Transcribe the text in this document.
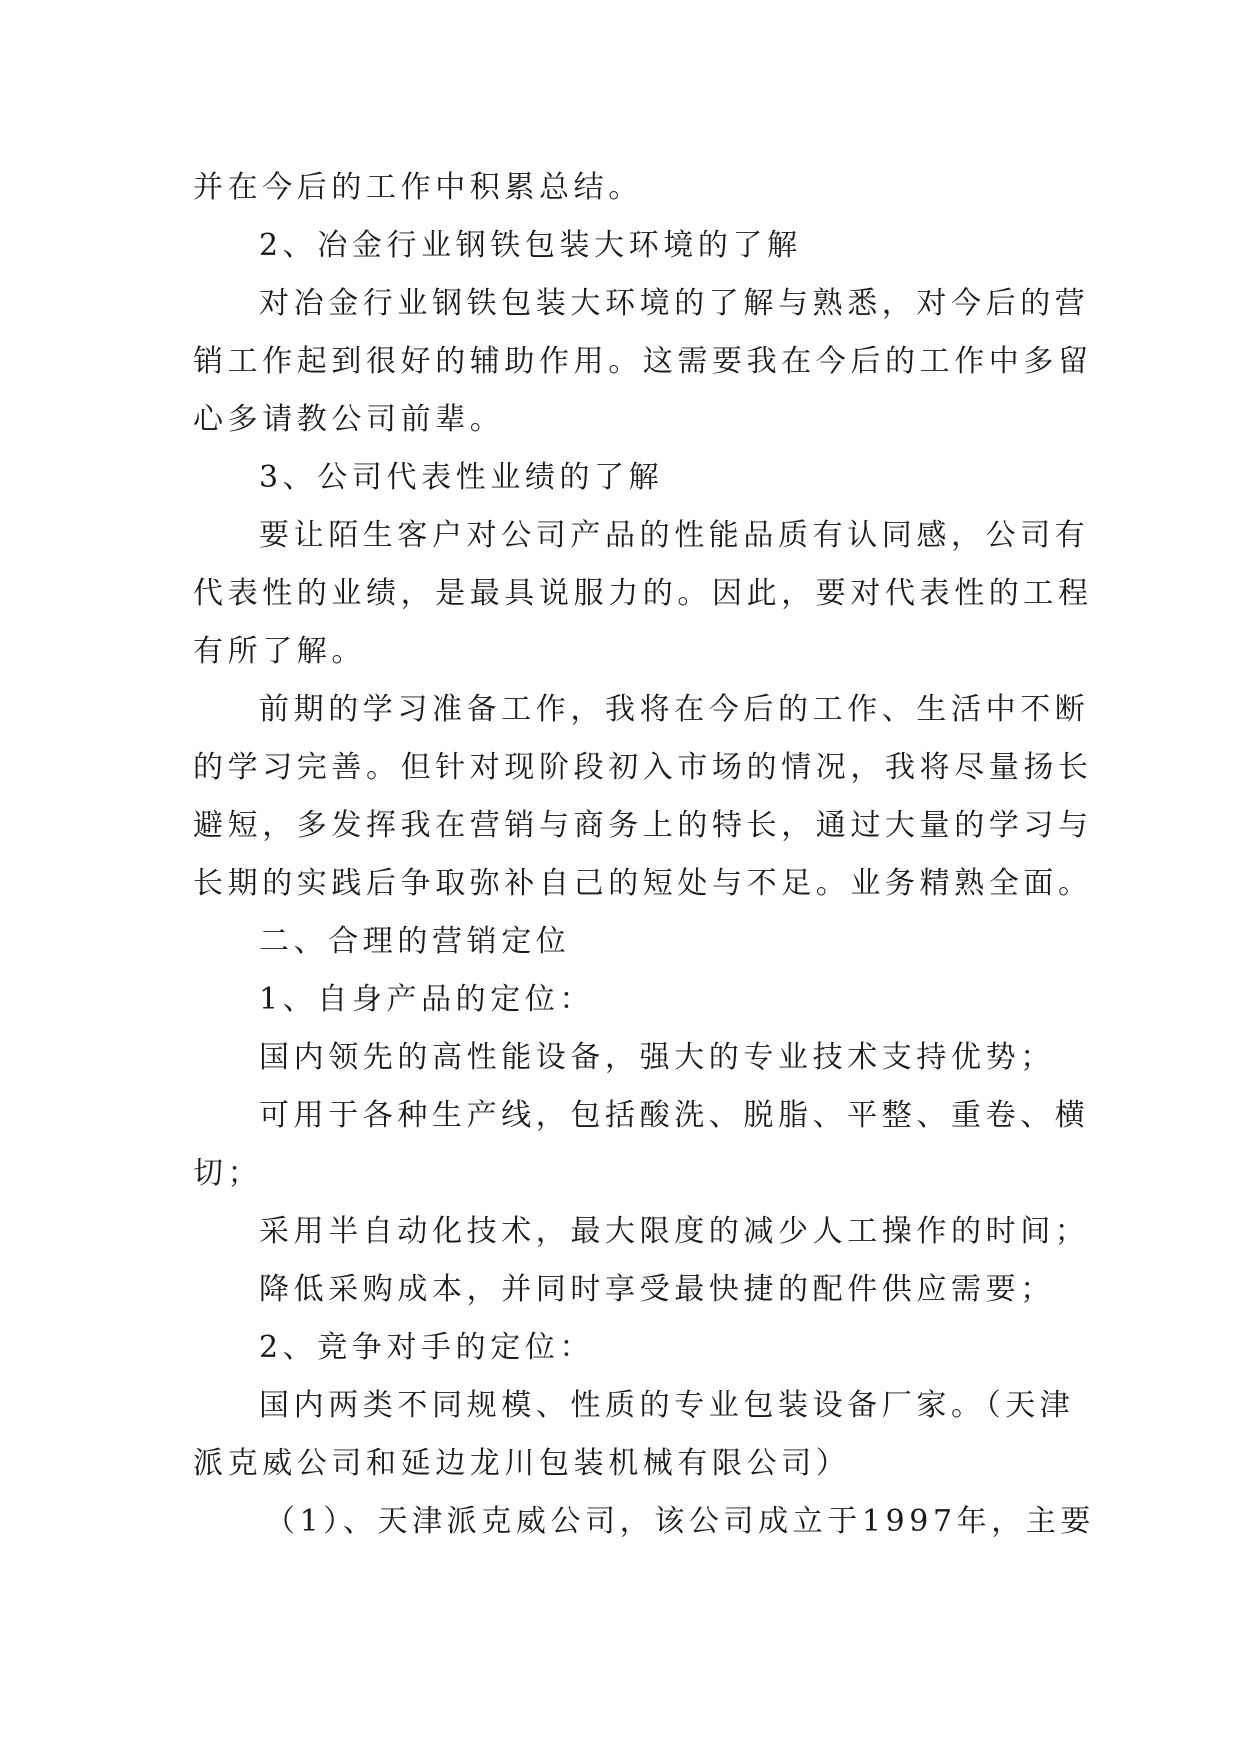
并在今后的工作中积累总结。
2、冶金行业钢铁包装大环境的了解
对冶金行业钢铁包装大环境的了解与熟悉，对今后的营
销工作起到很好的辅助作用。这需要我在今后的工作中多留
心多请教公司前辈。
3、公司代表性业绩的了解
要让陌生客户对公司产品的性能品质有认同感，公司有
代表性的业绩，是最具说服力的。因此，要对代表性的工程
有所了解。
前期的学习准备工作，我将在今后的工作、生活中不断
的学习完善。但针对现阶段初入市场的情况，我将尽量扬长
避短，多发挥我在营销与商务上的特长，通过大量的学习与
长期的实践后争取弥补自己的短处与不足。业务精熟全面。
二、合理的营销定位
1、自身产品的定位：
国内领先的高性能设备，强大的专业技术支持优势；
可用于各种生产线，包括酸洗、脱脂、平整、重卷、横
切；
采用半自动化技术，最大限度的减少人工操作的时间；
降低采购成本，并同时享受最快捷的配件供应需要；
2、竞争对手的定位：
国内两类不同规模、性质的专业包装设备厂家。（天津
派克威公司和延边龙川包装机械有限公司）
（1）、天津派克威公司，该公司成立于1997年，主要
